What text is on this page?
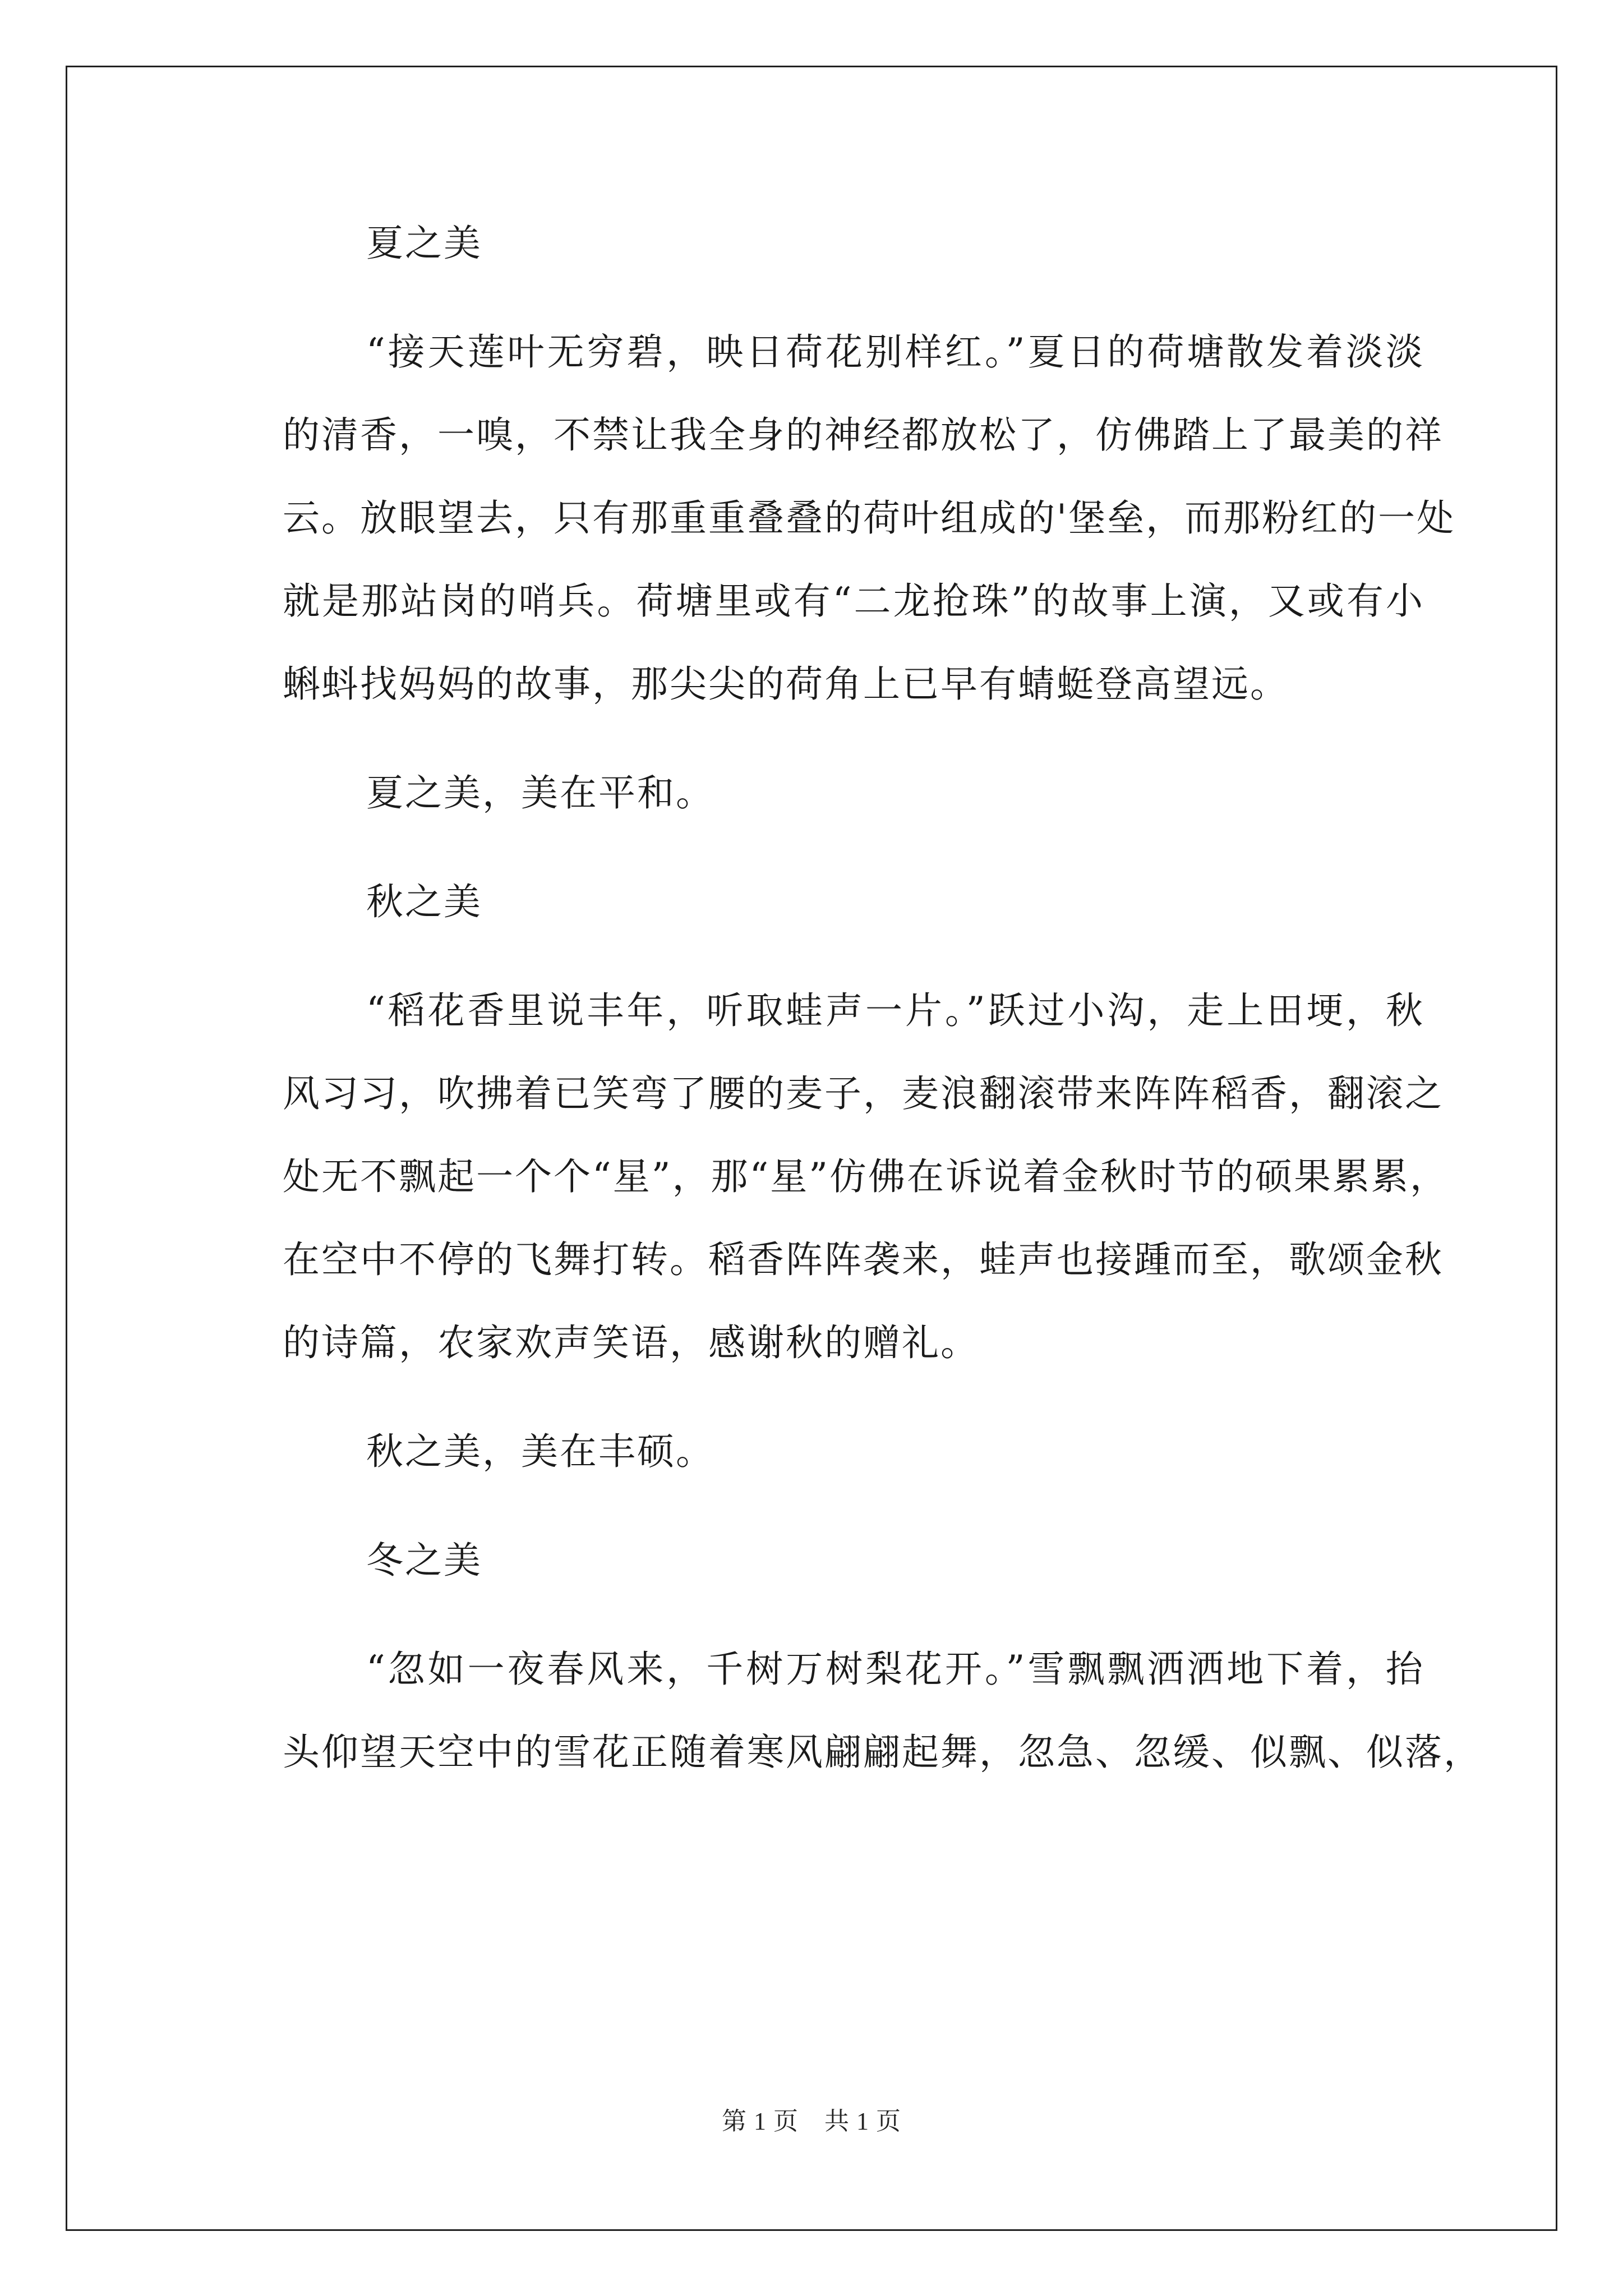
夏之美

“接天莲叶无穷碧，映日荷花别样红。”夏日的荷塘散发着淡淡
的清香，一嗅，不禁让我全身的神经都放松了，仿佛踏上了最美的祥
云。放眼望去，只有那重重叠叠的荷叶组成的'堡垒，而那粉红的一处
就是那站岗的哨兵。荷塘里或有“二龙抢珠”的故事上演，又或有小
蝌蚪找妈妈的故事，那尖尖的荷角上已早有蜻蜓登高望远。

夏之美，美在平和。

秋之美

“稻花香里说丰年，听取蛙声一片。”跃过小沟，走上田埂，秋
风习习，吹拂着已笑弯了腰的麦子，麦浪翻滚带来阵阵稻香，翻滚之
处无不飘起一个个“星”，那“星”仿佛在诉说着金秋时节的硕果累累，
在空中不停的飞舞打转。稻香阵阵袭来，蛙声也接踵而至，歌颂金秋
的诗篇，农家欢声笑语，感谢秋的赠礼。

秋之美，美在丰硕。

冬之美

“忽如一夜春风来，千树万树梨花开。”雪飘飘洒洒地下着，抬
头仰望天空中的雪花正随着寒风翩翩起舞，忽急、忽缓、似飘、似落，

第 1 页 共 1 页
